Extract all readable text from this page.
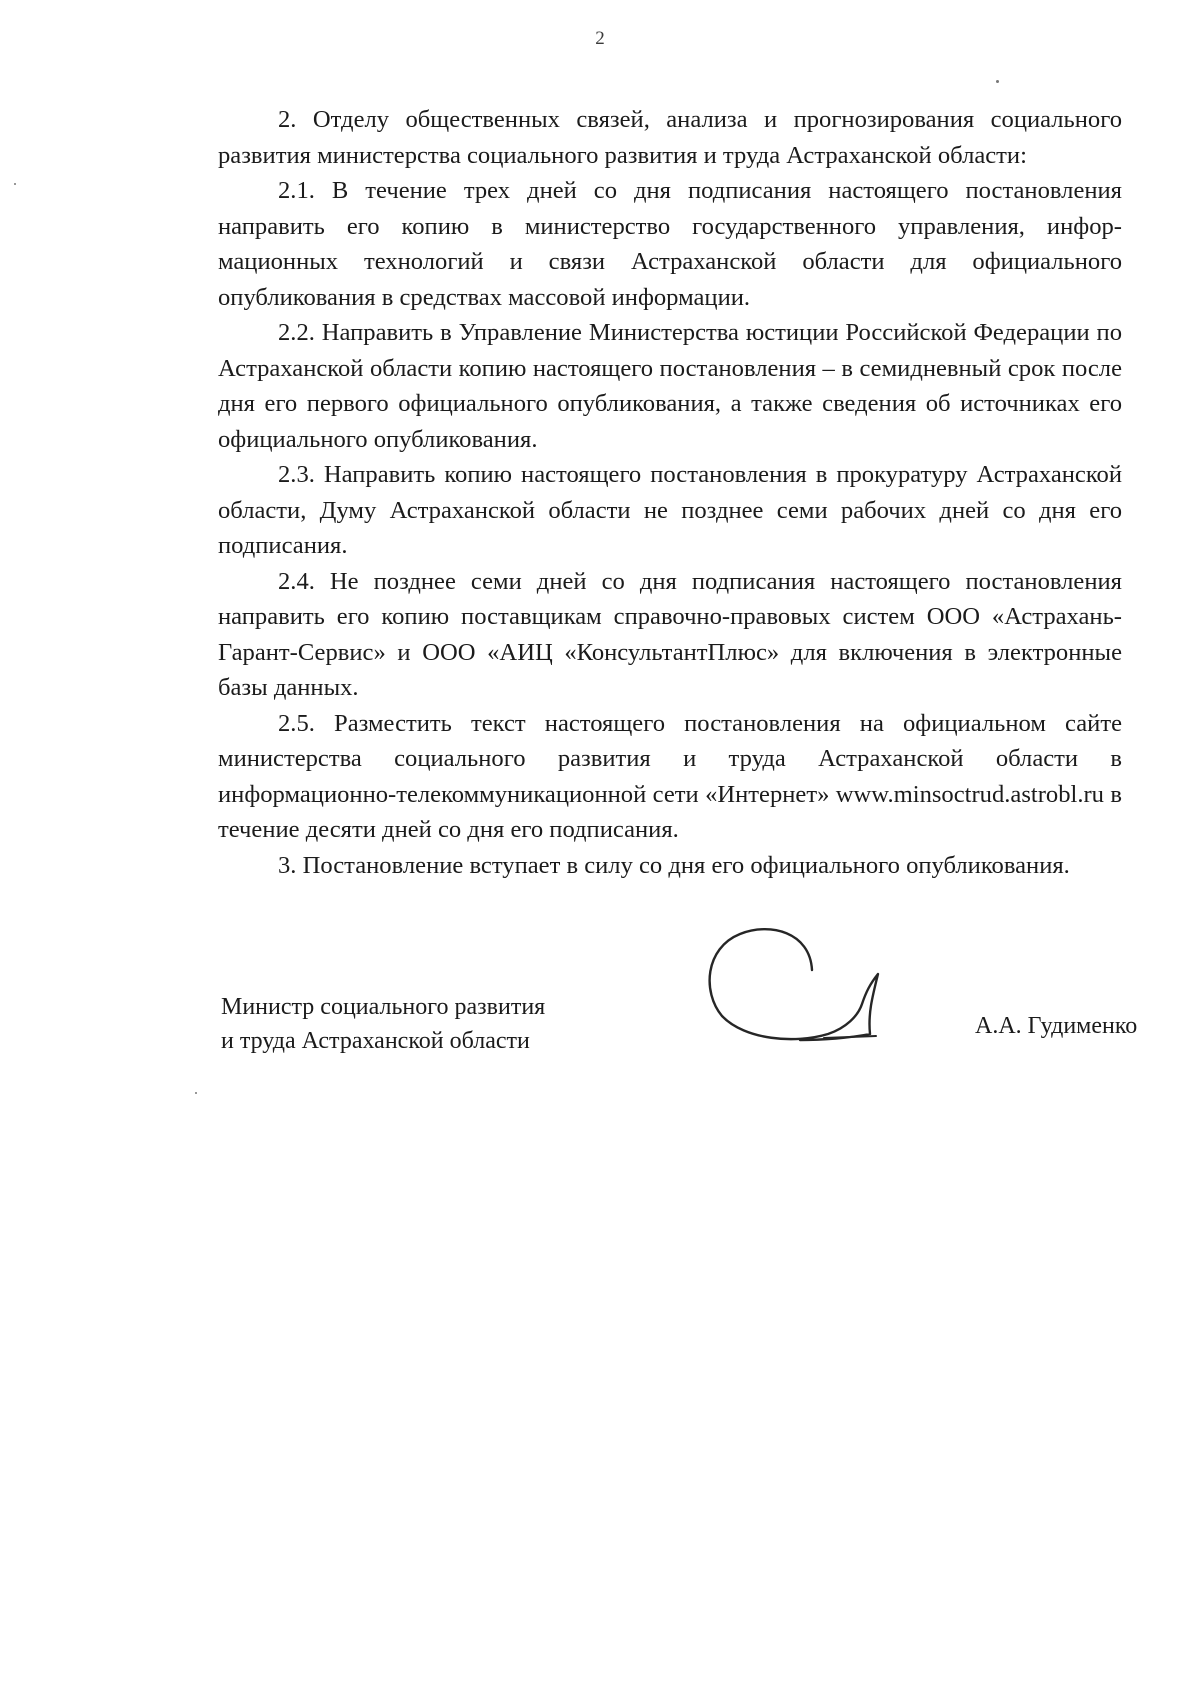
2

2. Отделу общественных связей, анализа и прогнозирования социального развития министерства социального развития и труда Астраханской области:

2.1. В течение трех дней со дня подписания настоящего постановления направить его копию в министерство государственного управления, информационных технологий и связи Астраханской области для официального опубликования в средствах массовой информации.

2.2. Направить в Управление Министерства юстиции Российской Федерации по Астраханской области копию настоящего постановления – в семидневный срок после дня его первого официального опубликования, а также сведения об источниках его официального опубликования.

2.3. Направить копию настоящего постановления в прокуратуру Астраханской области, Думу Астраханской области не позднее семи рабочих дней со дня его подписания.

2.4. Не позднее семи дней со дня подписания настоящего постановления направить его копию поставщикам справочно-правовых систем ООО «Астрахань-Гарант-Сервис» и ООО «АИЦ «КонсультантПлюс» для включения в электронные базы данных.

2.5. Разместить текст настоящего постановления на официальном сайте министерства социального развития и труда Астраханской области в информационно-телекоммуникационной сети «Интернет» www.minsoctrud.astrobl.ru в течение десяти дней со дня его подписания.

3. Постановление вступает в силу со дня его официального опубликования.

Министр социального развития
и труда Астраханской области
А.А. Гудименко
